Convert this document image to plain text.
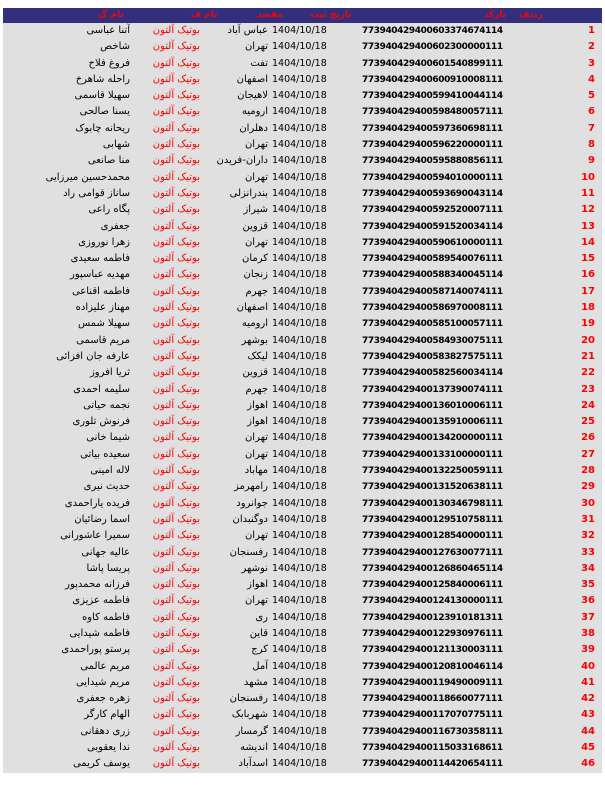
نام گ	نام ف	مقصد	تاریخ ثبت	بارکد	ردیف
آتنا عباسی	بوتیک آلتون	عباس آباد 1404/10/18	773940429400603374674114	1
شاخص	بوتیک آلتون	تهران 1404/10/18	773940429400602300000111	2
فروغ فلاح	بوتیک آلتون	تفت 1404/10/18	773940429400601540899111	3
راحله شاهرخ	بوتیک آلتون	اصفهان 1404/10/18	773940429400600910008111	4
سهیلا قاسمی	بوتیک آلتون	لاهیجان 1404/10/18	773940429400599410044114	5
یسنا صالحی	بوتیک آلتون	ارومیه 1404/10/18	773940429400598480057111	6
ریحانه چابوک	بوتیک آلتون	دهلران 1404/10/18	773940429400597360698111	7
شهابی	بوتیک آلتون	تهران 1404/10/18	773940429400596220000111	8
منا صانعی	بوتیک آلتون	داران-فریدن 1404/10/18	773940429400595880856111	9
محمدحسین میرزایی	بوتیک آلتون	تهران 1404/10/18	773940429400594010000111	10
ساناز قوامی راد	بوتیک آلتون	بندرانزلی 1404/10/18	773940429400593690043114	11
پگاه راعی	بوتیک آلتون	شیراز 1404/10/18	773940429400592520007111	12
جعفری	بوتیک آلتون	قزوین 1404/10/18	773940429400591520034114	13
زهرا نوروزی	بوتیک آلتون	تهران 1404/10/18	773940429400590610000111	14
فاطمه سعیدی	بوتیک آلتون	کرمان 1404/10/18	773940429400589540076111	15
مهدیه عباسپور	بوتیک آلتون	زنجان 1404/10/18	773940429400588340045114	16
فاطمه اقناعی	بوتیک آلتون	جهرم 1404/10/18	773940429400587140074111	17
مهناز علیزاده	بوتیک آلتون	اصفهان 1404/10/18	773940429400586970008111	18
سهیلا شمس	بوتیک آلتون	ارومیه 1404/10/18	773940429400585100057111	19
مریم قاسمی	بوتیک آلتون	بوشهر 1404/10/18	773940429400584930075111	20
عارفه جان افزائی	بوتیک آلتون	لیکک 1404/10/18	773940429400583827575111	21
ثریا افروز	بوتیک آلتون	قزوین 1404/10/18	773940429400582560034114	22
سلیمه احمدی	بوتیک آلتون	جهرم 1404/10/18	773940429400137390074111	23
نجمه حیاتی	بوتیک آلتون	اهواز 1404/10/18	773940429400136010006111	24
فرنوش تلوری	بوتیک آلتون	اهواز 1404/10/18	773940429400135910006111	25
شیما خانی	بوتیک آلتون	تهران 1404/10/18	773940429400134200000111	26
سعیده بیاتی	بوتیک آلتون	تهران 1404/10/18	773940429400133100000111	27
لاله امینی	بوتیک آلتون	مهاباد 1404/10/18	773940429400132250059111	28
حدیث نیری	بوتیک آلتون	رامهرمز 1404/10/18	773940429400131520638111	29
فریده یاراحمدی	بوتیک آلتون	جوانرود 1404/10/18	773940429400130346798111	30
اسما رضائیان	بوتیک آلتون	دوگنبدان 1404/10/18	773940429400129510758111	31
سمیرا عاشورانی	بوتیک آلتون	تهران 1404/10/18	773940429400128540000111	32
عالیه جهانی	بوتیک آلتون	رفسنجان 1404/10/18	773940429400127630077111	33
پریسا پاشا	بوتیک آلتون	نوشهر 1404/10/18	773940429400126860465114	34
فرزانه محمدپور	بوتیک آلتون	اهواز 1404/10/18	773940429400125840006111	35
فاطمه عزیزی	بوتیک آلتون	تهران 1404/10/18	773940429400124130000111	36
فاطمه کاوه	بوتیک آلتون	ری 1404/10/18	773940429400123910181311	37
فاطمه شیدایی	بوتیک آلتون	قاین 1404/10/18	773940429400122930976111	38
پرستو پوراحمدی	بوتیک آلتون	کرج 1404/10/18	773940429400121130003111	39
مریم عالمی	بوتیک آلتون	آمل 1404/10/18	773940429400120810046114	40
مریم شیدایی	بوتیک آلتون	مشهد 1404/10/18	773940429400119490009111	41
زهره جعفری	بوتیک آلتون	رفسنجان 1404/10/18	773940429400118660077111	42
الهام کارگر	بوتیک آلتون	شهربابک 1404/10/18	773940429400117070775111	43
زری دهقانی	بوتیک آلتون	گرمسار 1404/10/18	773940429400116730358111	44
ندا یعقوبی	بوتیک آلتون	اندیشه 1404/10/18	773940429400115033168611	45
یوسف کریمی	بوتیک آلتون	اسدآباد 1404/10/18	773940429400114420654111	46
